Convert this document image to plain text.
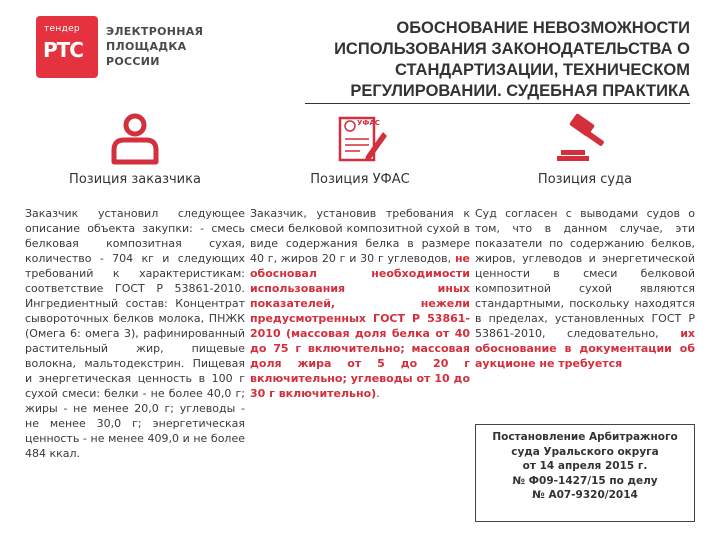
тендер
РТС
ЭЛЕКТРОННАЯ
ПЛОЩАДКА
РОССИИ
ОБОСНОВАНИЕ НЕВОЗМОЖНОСТИ ИСПОЛЬЗОВАНИЯ ЗАКОНОДАТЕЛЬСТВА О СТАНДАРТИЗАЦИИ, ТЕХНИЧЕСКОМ РЕГУЛИРОВАНИИ. СУДЕБНАЯ ПРАКТИКА
УФАС
Позиция заказчика	Позиция УФАС	Позиция суда

Заказчик установил следующее описание объекта закупки: - смесь белковая композитная сухая, количество - 704 кг и следующих требований к характеристикам: соответствие ГОСТ Р 53861-2010. Ингредиентный состав: Концентрат сывороточных белков молока, ПНЖК (Омега 6: омега 3), рафинированный растительный жир, пищевые волокна, мальтодекстрин. Пищевая и энергетическая ценность в 100 г сухой смеси: белки - не более 40,0 г; жиры - не менее 20,0 г; углеводы - не менее 30,0 г; энергетическая ценность - не менее 409,0 и не более 484 ккал.

Заказчик, установив требования к смеси белковой композитной сухой в виде содержания белка в размере 40 г, жиров 20 г и 30 г углеводов, не обосновал необходимости использования иных показателей, нежели предусмотренных ГОСТ Р 53861-2010 (массовая доля белка от 40 до 75 г включительно; массовая доля жира от 5 до 20 г включительно; углеводы от 10 до 30 г включительно).

Суд согласен с выводами судов о том, что в данном случае, эти показатели по содержанию белков, жиров, углеводов и энергетической ценности в смеси белковой композитной сухой являются стандартными, поскольку находятся в пределах, установленных ГОСТ Р 53861-2010, следовательно, их обоснование в документации об аукционе не требуется

Постановление Арбитражного
суда Уральского округа
от 14 апреля 2015 г.
№ Ф09-1427/15 по делу
№ А07-9320/2014
